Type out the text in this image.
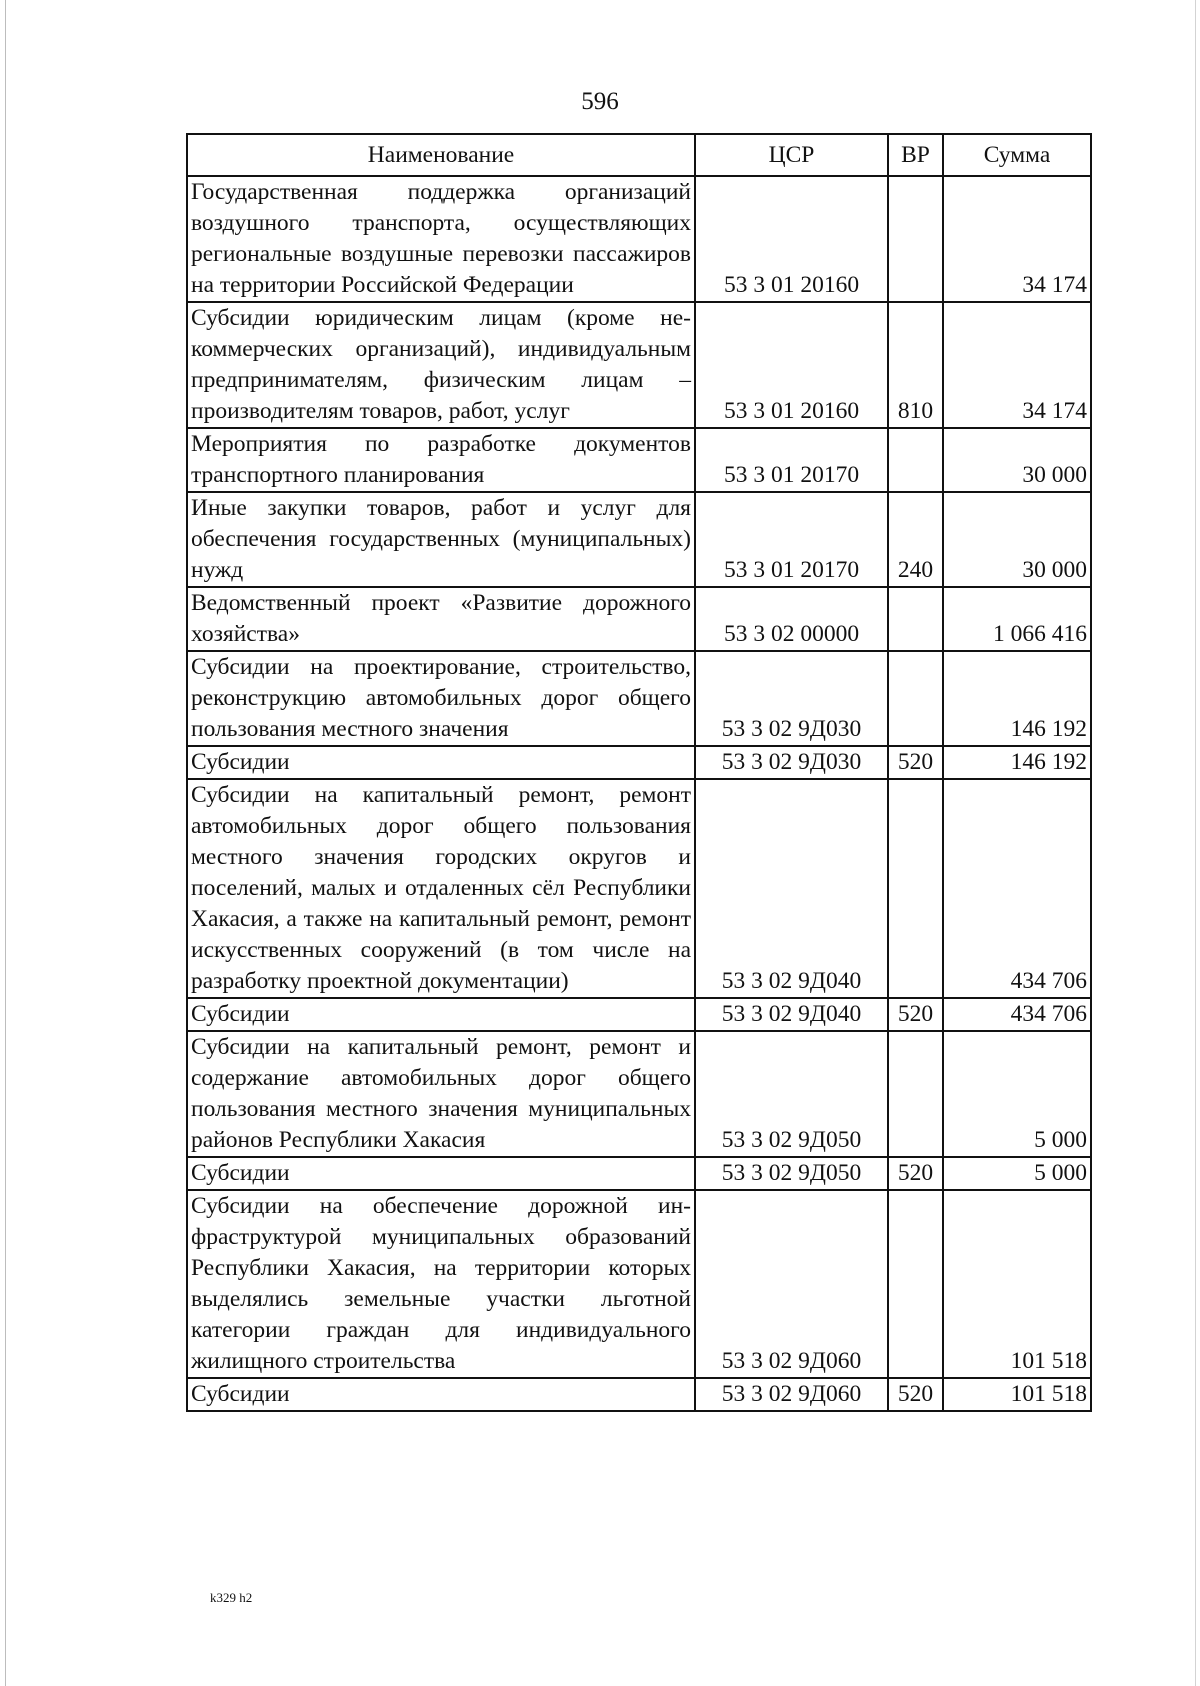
596
Наименование	ЦСР	ВР	Сумма
Государственная поддержка организаций воздушного транспорта, осуществляющих региональные воздушные перевозки пассажиров на территории Российской Федерации	53 3 01 20160		34 174
Субсидии юридическим лицам (кроме некоммерческих организаций), индивидуальным предпринимателям, физическим лицам – производителям товаров, работ, услуг	53 3 01 20160	810	34 174
Мероприятия по разработке документов транспортного планирования	53 3 01 20170		30 000
Иные закупки товаров, работ и услуг для обеспечения государственных (муниципальных) нужд	53 3 01 20170	240	30 000
Ведомственный проект «Развитие дорожного хозяйства»	53 3 02 00000		1 066 416
Субсидии на проектирование, строительство, реконструкцию автомобильных дорог общего пользования местного значения	53 3 02 9Д030		146 192
Субсидии	53 3 02 9Д030	520	146 192
Субсидии на капитальный ремонт, ремонт автомобильных дорог общего пользования местного значения городских округов и поселений, малых и отдаленных сёл Республики Хакасия, а также на капитальный ремонт, ремонт искусственных сооружений (в том числе на разработку проектной документации)	53 3 02 9Д040		434 706
Субсидии	53 3 02 9Д040	520	434 706
Субсидии на капитальный ремонт, ремонт и содержание автомобильных дорог общего пользования местного значения муниципальных районов Республики Хакасия	53 3 02 9Д050		5 000
Субсидии	53 3 02 9Д050	520	5 000
Субсидии на обеспечение дорожной инфраструктурой муниципальных образований Республики Хакасия, на территории которых выделялись земельные участки льготной категории граждан для индивидуального жилищного строительства	53 3 02 9Д060		101 518
Субсидии	53 3 02 9Д060	520	101 518
k329 h2
